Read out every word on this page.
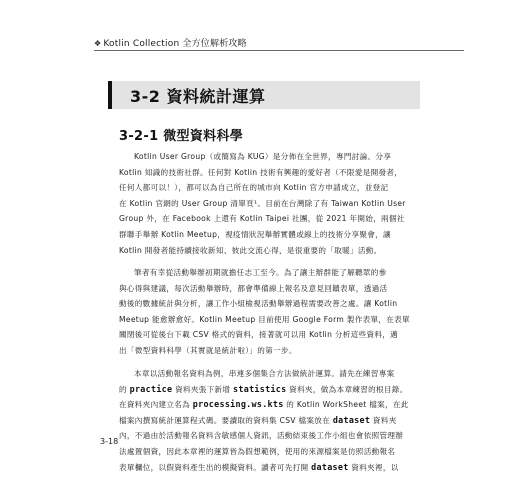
❖ Kotlin Collection 全方位解析攻略
3-2 資料統計運算
3-2-1 微型資料科學
Kotlin User Group（或簡寫為 KUG）是分佈在全世界，專門討論、分享
Kotlin 知識的技術社群。任何對 Kotlin 技術有興趣的愛好者（不限愛是開發者，
任何人都可以！），都可以為自己所在的城市向 Kotlin 官方申請成立，並登記
在 Kotlin 官網的 User Group 清單頁¹。目前在台灣除了有 Taiwan Kotlin User
Group 外，在 Facebook 上還有 Kotlin Taipei 社團，從 2021 年開始，兩個社
群聯手舉辦 Kotlin Meetup，視疫情狀況舉辦實體或線上的技術分享聚會，讓
Kotlin 開發者能持續接收新知、彼此交流心得，是很重要的「取暖」活動。
筆者有幸從活動舉辦初期就擔任志工至今。為了讓主辦群能了解聽眾的參
與心得與建議，每次活動舉辦時，都會準備線上報名及意見回饋表單，透過活
動後的數據統計與分析，讓工作小組檢視活動舉辦過程需要改善之處。讓 Kotlin
Meetup 能愈辦愈好。Kotlin Meetup 目前使用 Google Form 製作表單，在表單
關閉後可從後台下載 CSV 格式的資料，接著就可以用 Kotlin 分析這些資料，邁
出「微型資料科學（其實就是統計啦）」的第一步。
本章以活動報名資料為例，串連多個集合方法做統計運算。請先在練習專案
的 practice 資料夾張下新增 statistics 資料夾，做為本章練習的根目錄。
在資料夾內建立名為 processing.ws.kts 的 Kotlin WorkSheet 檔案，在此
檔案內撰寫統計運算程式碼。要讀取的資料集 CSV 檔案放在 dataset 資料夾
內，不過由於活動報名資料含敏感個人資訊，活動結束後工作小組也會依照管理辦
法處置個資，因此本章裡的運算皆為假想範例，使用的來源檔案是仿照活動報名
表單欄位，以假資料產生出的模擬資料。讀者可先打開 dataset 資料夾裡，以
3-18
